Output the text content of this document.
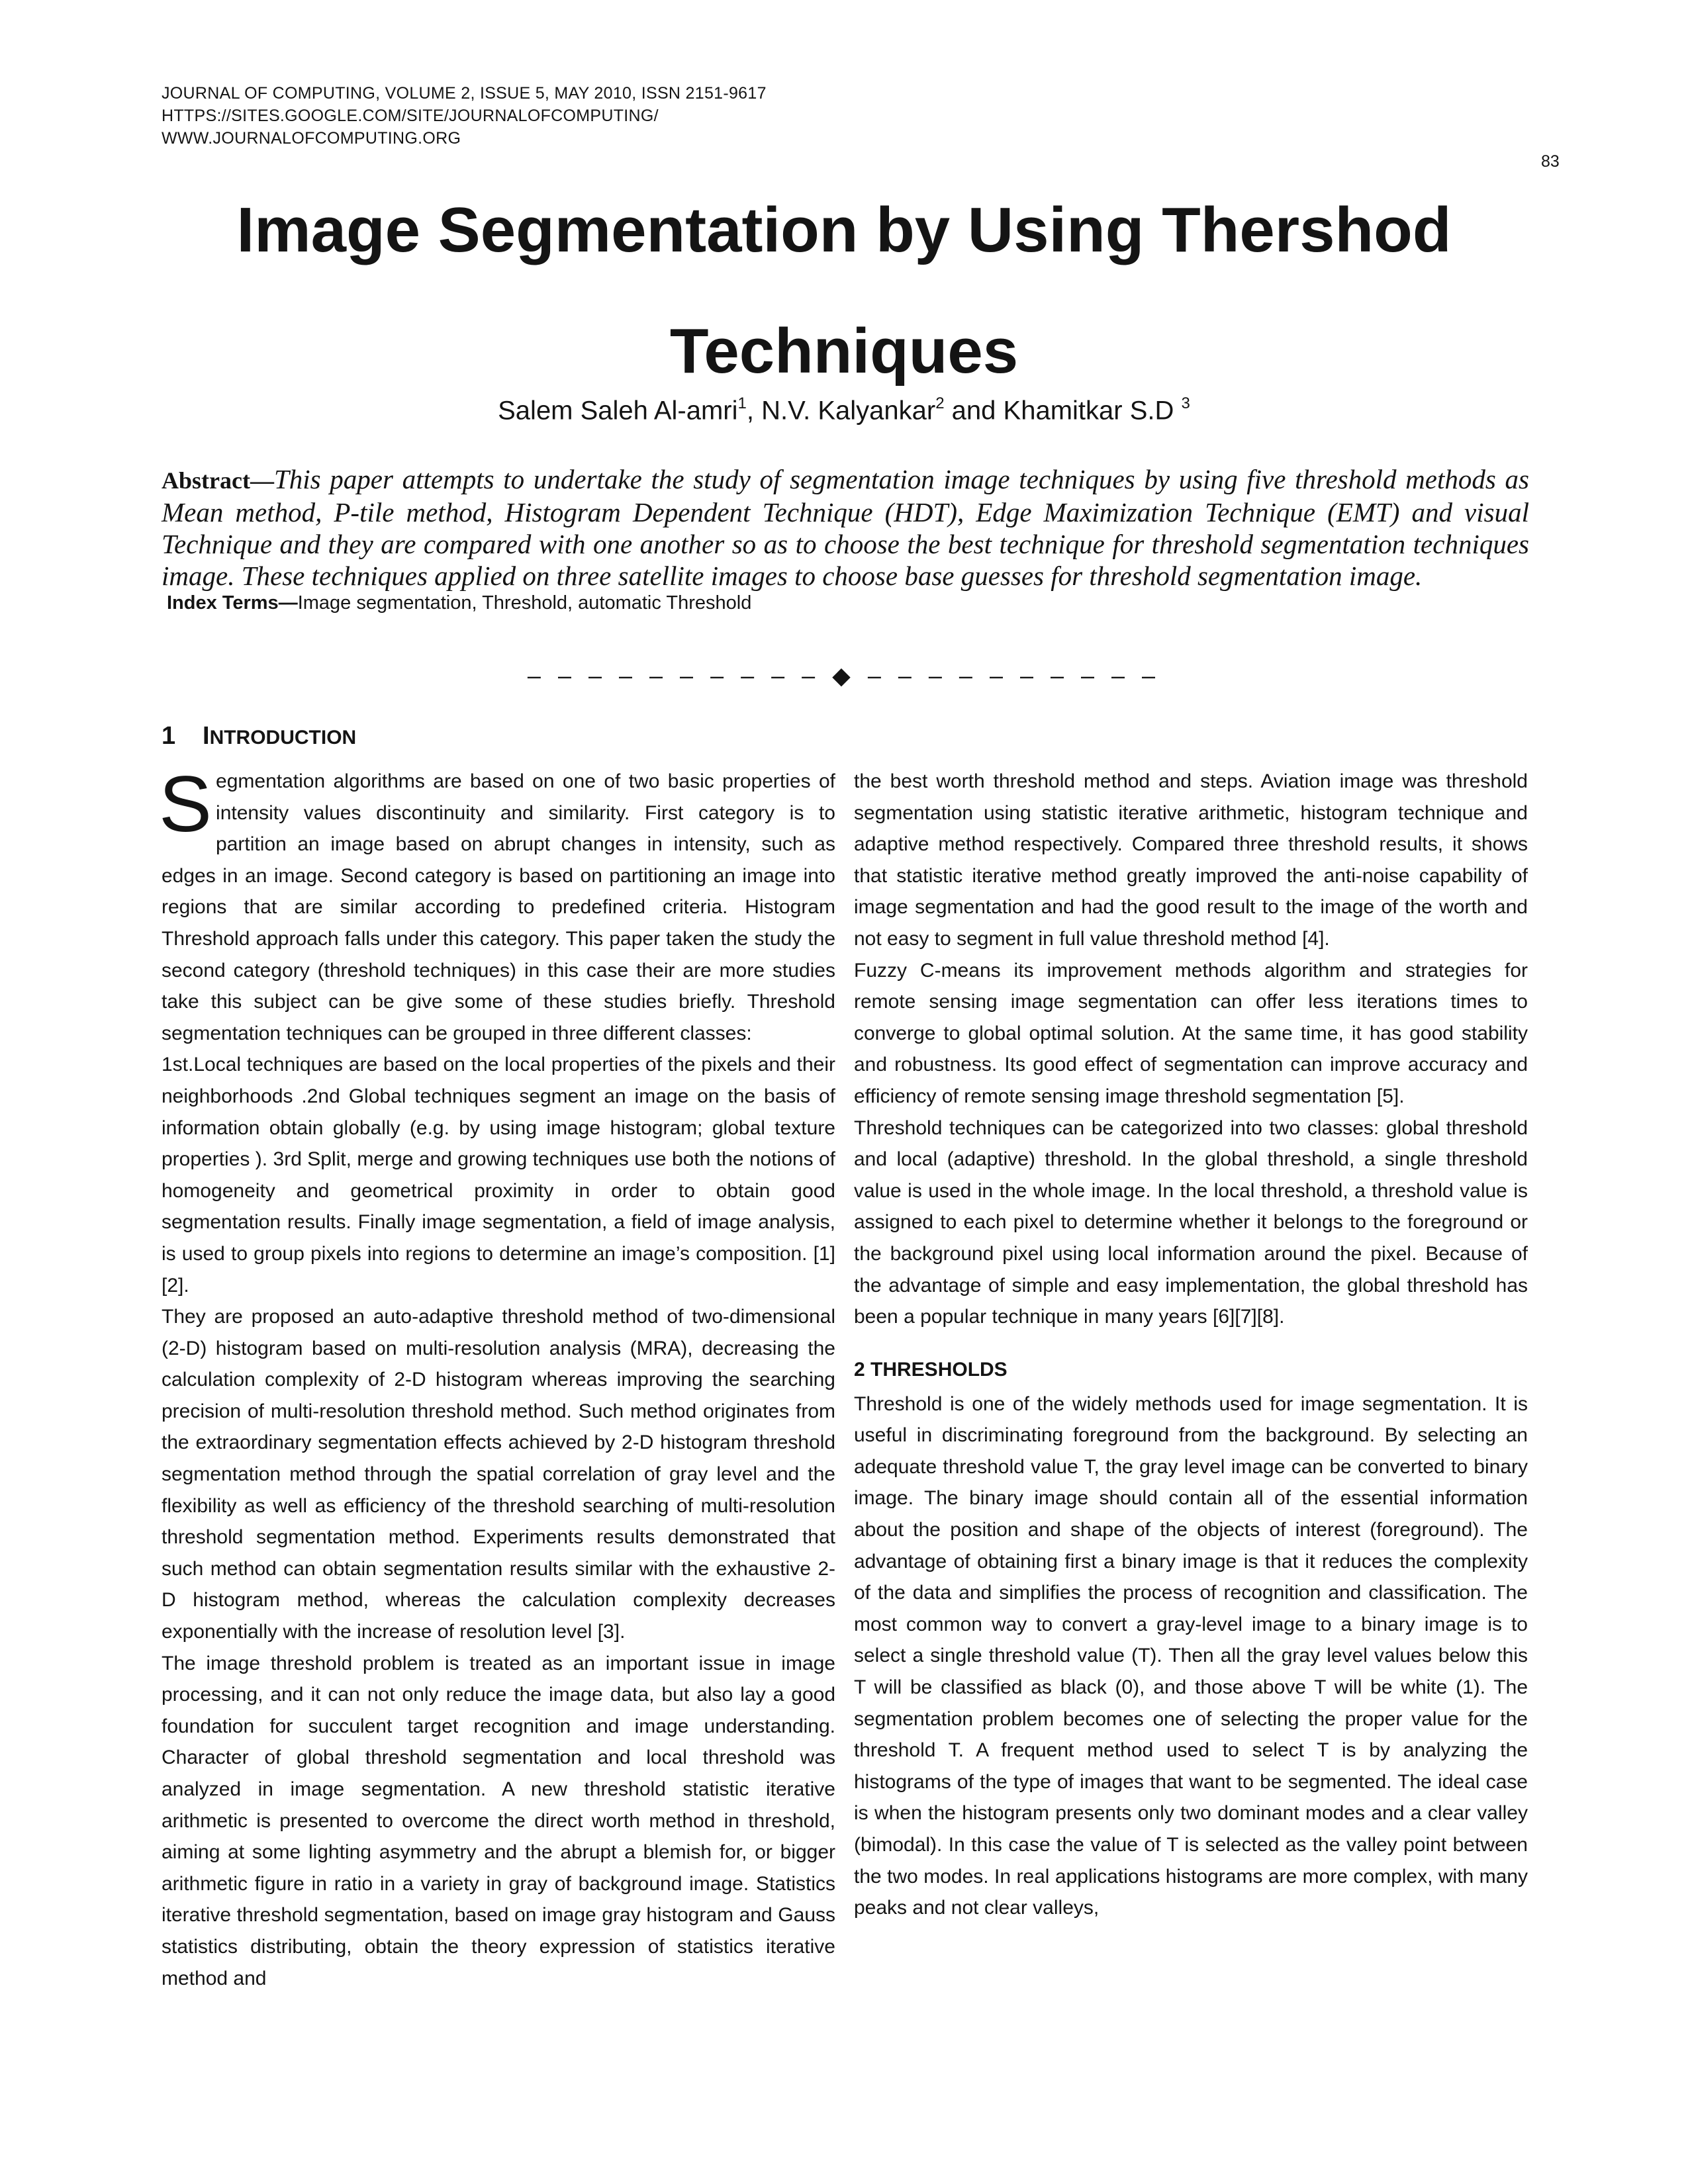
JOURNAL OF COMPUTING, VOLUME 2, ISSUE 5, MAY 2010, ISSN 2151-9617
HTTPS://SITES.GOOGLE.COM/SITE/JOURNALOFCOMPUTING/
WWW.JOURNALOFCOMPUTING.ORG
83
Image Segmentation by Using Thershod
Techniques
Salem Saleh Al-amri$^1$, N.V. Kalyankar$^2$ and Khamitkar S.D $^3$
Abstract—This paper attempts to undertake the study of segmentation image techniques by using five threshold methods as Mean method, P-tile method, Histogram Dependent Technique (HDT), Edge Maximization Technique (EMT) and visual Technique and they are compared with one another so as to choose the best technique for threshold segmentation techniques image. These techniques applied on three satellite images to choose base guesses for threshold segmentation image.
Index Terms—Image segmentation, Threshold, automatic Threshold
– – – – – – – – – – ◆ – – – – – – – – – –
1 INTRODUCTION

Segmentation algorithms are based on one of two basic properties of intensity values discontinuity and similarity. First category is to partition an image based on abrupt changes in intensity, such as edges in an image. Second category is based on partitioning an image into regions that are similar according to predefined criteria. Histogram Threshold approach falls under this category. This paper taken the study the second category (threshold techniques) in this case their are more studies take this subject can be give some of these studies briefly. Threshold segmentation techniques can be grouped in three different classes:

1st.Local techniques are based on the local properties of the pixels and their neighborhoods .2nd Global techniques segment an image on the basis of information obtain globally (e.g. by using image histogram; global texture properties ). 3rd Split, merge and growing techniques use both the notions of homogeneity and geometrical proximity in order to obtain good segmentation results. Finally image segmentation, a field of image analysis, is used to group pixels into regions to determine an image’s composition. [1][2].

They are proposed an auto-adaptive threshold method of two-dimensional (2-D) histogram based on multi-resolution analysis (MRA), decreasing the calculation complexity of 2-D histogram whereas improving the searching precision of multi-resolution threshold method. Such method originates from the extraordinary segmentation effects achieved by 2-D histogram threshold segmentation method through the spatial correlation of gray level and the flexibility as well as efficiency of the threshold searching of multi-resolution threshold segmentation method. Experiments results demonstrated that such method can obtain segmentation results similar with the exhaustive 2-D histogram method, whereas the calculation complexity decreases exponentially with the increase of resolution level [3].

The image threshold problem is treated as an important issue in image processing, and it can not only reduce the image data, but also lay a good foundation for succulent target recognition and image understanding. Character of global threshold segmentation and local threshold was analyzed in image segmentation. A new threshold statistic iterative arithmetic is presented to overcome the direct worth method in threshold, aiming at some lighting asymmetry and the abrupt a blemish for, or bigger arithmetic figure in ratio in a variety in gray of background image. Statistics iterative threshold segmentation, based on image gray histogram and Gauss statistics distributing, obtain the theory expression of statistics iterative method and

the best worth threshold method and steps. Aviation image was threshold segmentation using statistic iterative arithmetic, histogram technique and adaptive method respectively. Compared three threshold results, it shows that statistic iterative method greatly improved the anti-noise capability of image segmentation and had the good result to the image of the worth and not easy to segment in full value threshold method [4].

Fuzzy C-means its improvement methods algorithm and strategies for remote sensing image segmentation can offer less iterations times to converge to global optimal solution. At the same time, it has good stability and robustness. Its good effect of segmentation can improve accuracy and efficiency of remote sensing image threshold segmentation [5].

Threshold techniques can be categorized into two classes: global threshold and local (adaptive) threshold. In the global threshold, a single threshold value is used in the whole image. In the local threshold, a threshold value is assigned to each pixel to determine whether it belongs to the foreground or the background pixel using local information around the pixel. Because of the advantage of simple and easy implementation, the global threshold has been a popular technique in many years [6][7][8].

2 THRESHOLDS

Threshold is one of the widely methods used for image segmentation. It is useful in discriminating foreground from the background. By selecting an adequate threshold value T, the gray level image can be converted to binary image. The binary image should contain all of the essential information about the position and shape of the objects of interest (foreground). The advantage of obtaining first a binary image is that it reduces the complexity of the data and simplifies the process of recognition and classification. The most common way to convert a gray-level image to a binary image is to select a single threshold value (T). Then all the gray level values below this T will be classified as black (0), and those above T will be white (1). The segmentation problem becomes one of selecting the proper value for the threshold T. A frequent method used to select T is by analyzing the histograms of the type of images that want to be segmented. The ideal case is when the histogram presents only two dominant modes and a clear valley (bimodal). In this case the value of T is selected as the valley point between the two modes. In real applications histograms are more complex, with many peaks and not clear valleys,
